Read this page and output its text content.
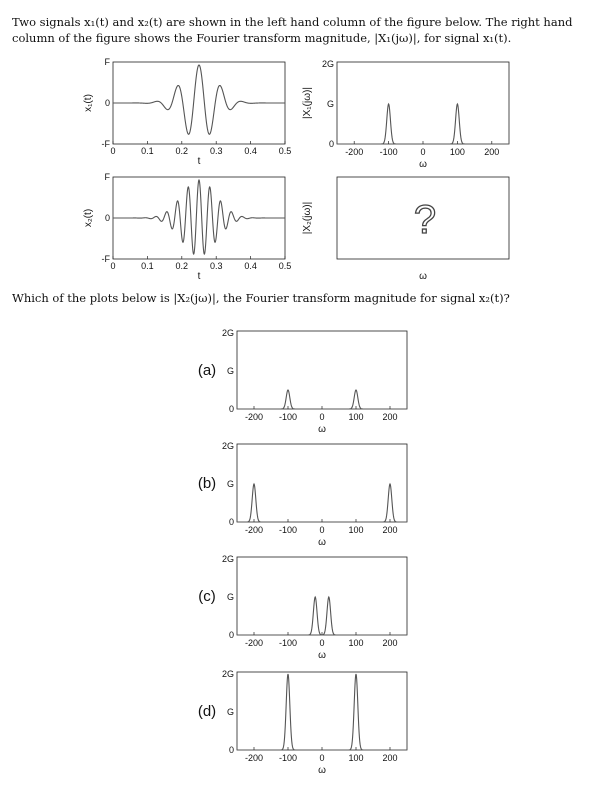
Two signals x₁(t) and x₂(t) are shown in the left hand column of the figure below. The right hand column of the figure shows the Fourier transform magnitude, |X₁(jω)|, for signal x₁(t).
Which of the plots below is |X₂(jω)|, the Fourier transform magnitude for signal x₂(t)?
0	0.1 0.2 0.3 0.4 0.5
-F
0
F
t
x₁(t)
-200 -100	0	100 200
0
G
2G
ω
|X₁(jω)|
0	0.1 0.2 0.3 0.4 0.5
-F
0
F
t
x₂(t)	?
ω
|X₂(jω)|
-200 -100 0	100 200
0
G
2G
ω
(a)
-200 -100 0	100 200
0
G
2G
ω
(b)
-200 -100 0	100 200
0
G
2G
ω
(c)
-200 -100 0	100 200
0
G
2G
ω
(d)
